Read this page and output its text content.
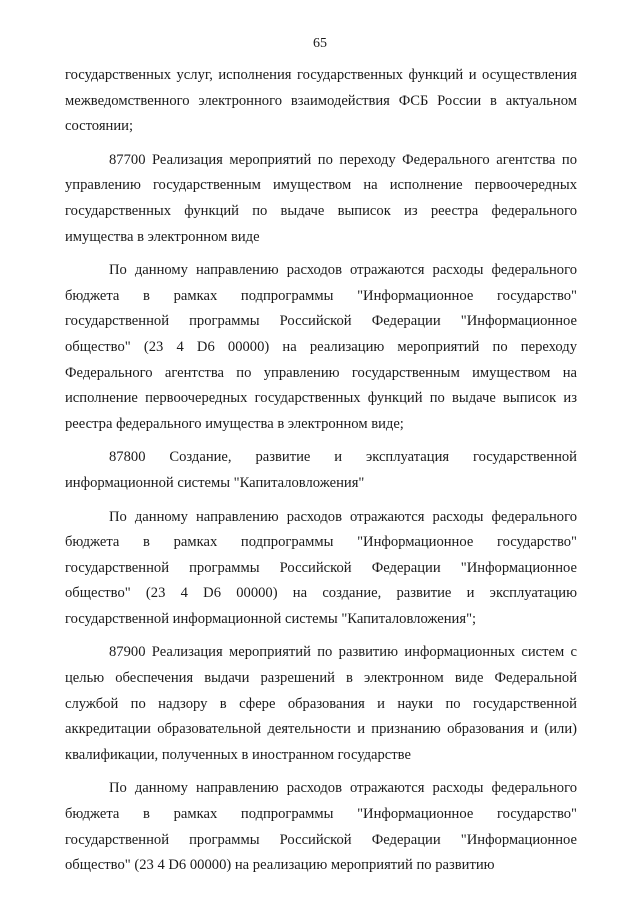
65

государственных услуг, исполнения государственных функций и осуществления межведомственного электронного взаимодействия ФСБ России в актуальном состоянии;

87700 Реализация мероприятий по переходу Федерального агентства по управлению государственным имуществом на исполнение первоочередных государственных функций по выдаче выписок из реестра федерального имущества в электронном виде

По данному направлению расходов отражаются расходы федерального бюджета в рамках подпрограммы "Информационное государство" государственной программы Российской Федерации "Информационное общество" (23 4 D6 00000) на реализацию мероприятий по переходу Федерального агентства по управлению государственным имуществом на исполнение первоочередных государственных функций по выдаче выписок из реестра федерального имущества в электронном виде;

87800 Создание, развитие и эксплуатация государственной информационной системы "Капиталовложения"

По данному направлению расходов отражаются расходы федерального бюджета в рамках подпрограммы "Информационное государство" государственной программы Российской Федерации "Информационное общество" (23 4 D6 00000) на создание, развитие и эксплуатацию государственной информационной системы "Капиталовложения";

87900 Реализация мероприятий по развитию информационных систем с целью обеспечения выдачи разрешений в электронном виде Федеральной службой по надзору в сфере образования и науки по государственной аккредитации образовательной деятельности и признанию образования и (или) квалификации, полученных в иностранном государстве

По данному направлению расходов отражаются расходы федерального бюджета в рамках подпрограммы "Информационное государство" государственной программы Российской Федерации "Информационное общество" (23 4 D6 00000) на реализацию мероприятий по развитию
